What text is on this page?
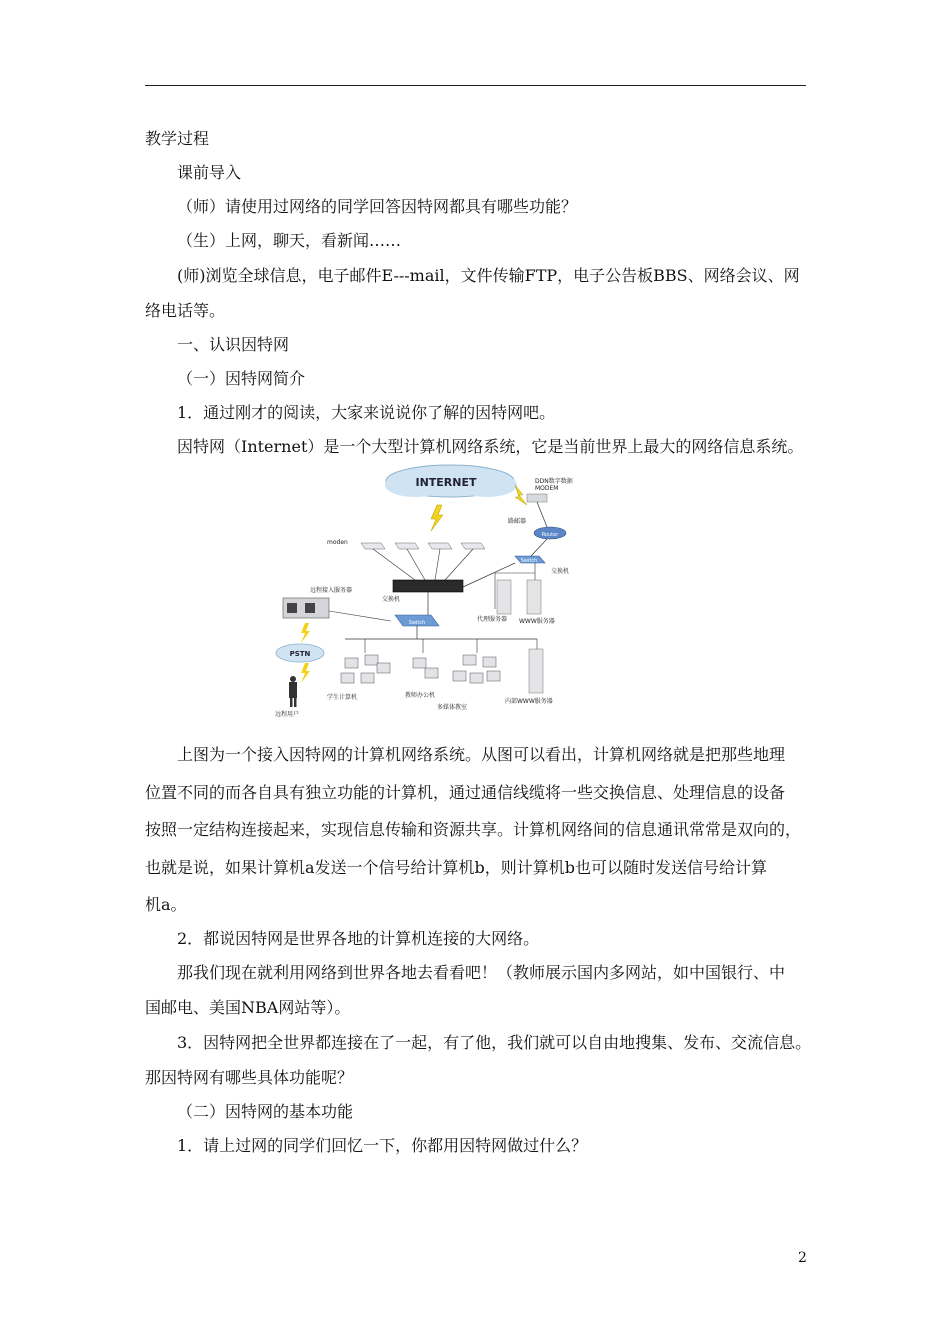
教学过程
课前导入
（师）请使用过网络的同学回答因特网都具有哪些功能？
（生）上网，聊天，看新闻……
(师)浏览全球信息，电子邮件E---mail，文件传输FTP，电子公告板BBS、网络会议、网
络电话等。
一、认识因特网
（一）因特网简介
1．通过刚才的阅读，大家来说说你了解的因特网吧。
因特网（Internet）是一个大型计算机网络系统，它是当前世界上最大的网络信息系统。
INTERNET	DDN数字数据
MODEM
路邮器
Router
Switch
交换机
moden
交换机
代理服务器 WWW服务器
远程接入服务器
Switch
PSTN
学生计算机	教师办公机
多媒体教室
内部WWW服务器
远程用户
上图为一个接入因特网的计算机网络系统。从图可以看出，计算机网络就是把那些地理
位置不同的而各自具有独立功能的计算机，通过通信线缆将一些交换信息、处理信息的设备
按照一定结构连接起来，实现信息传输和资源共享。计算机网络间的信息通讯常常是双向的，
也就是说，如果计算机a发送一个信号给计算机b，则计算机b也可以随时发送信号给计算
机a。
2．都说因特网是世界各地的计算机连接的大网络。
那我们现在就利用网络到世界各地去看看吧！（教师展示国内多网站，如中国银行、中
国邮电、美国NBA网站等）。
3．因特网把全世界都连接在了一起，有了他，我们就可以自由地搜集、发布、交流信息。
那因特网有哪些具体功能呢？
（二）因特网的基本功能
1．请上过网的同学们回忆一下，你都用因特网做过什么？
2
